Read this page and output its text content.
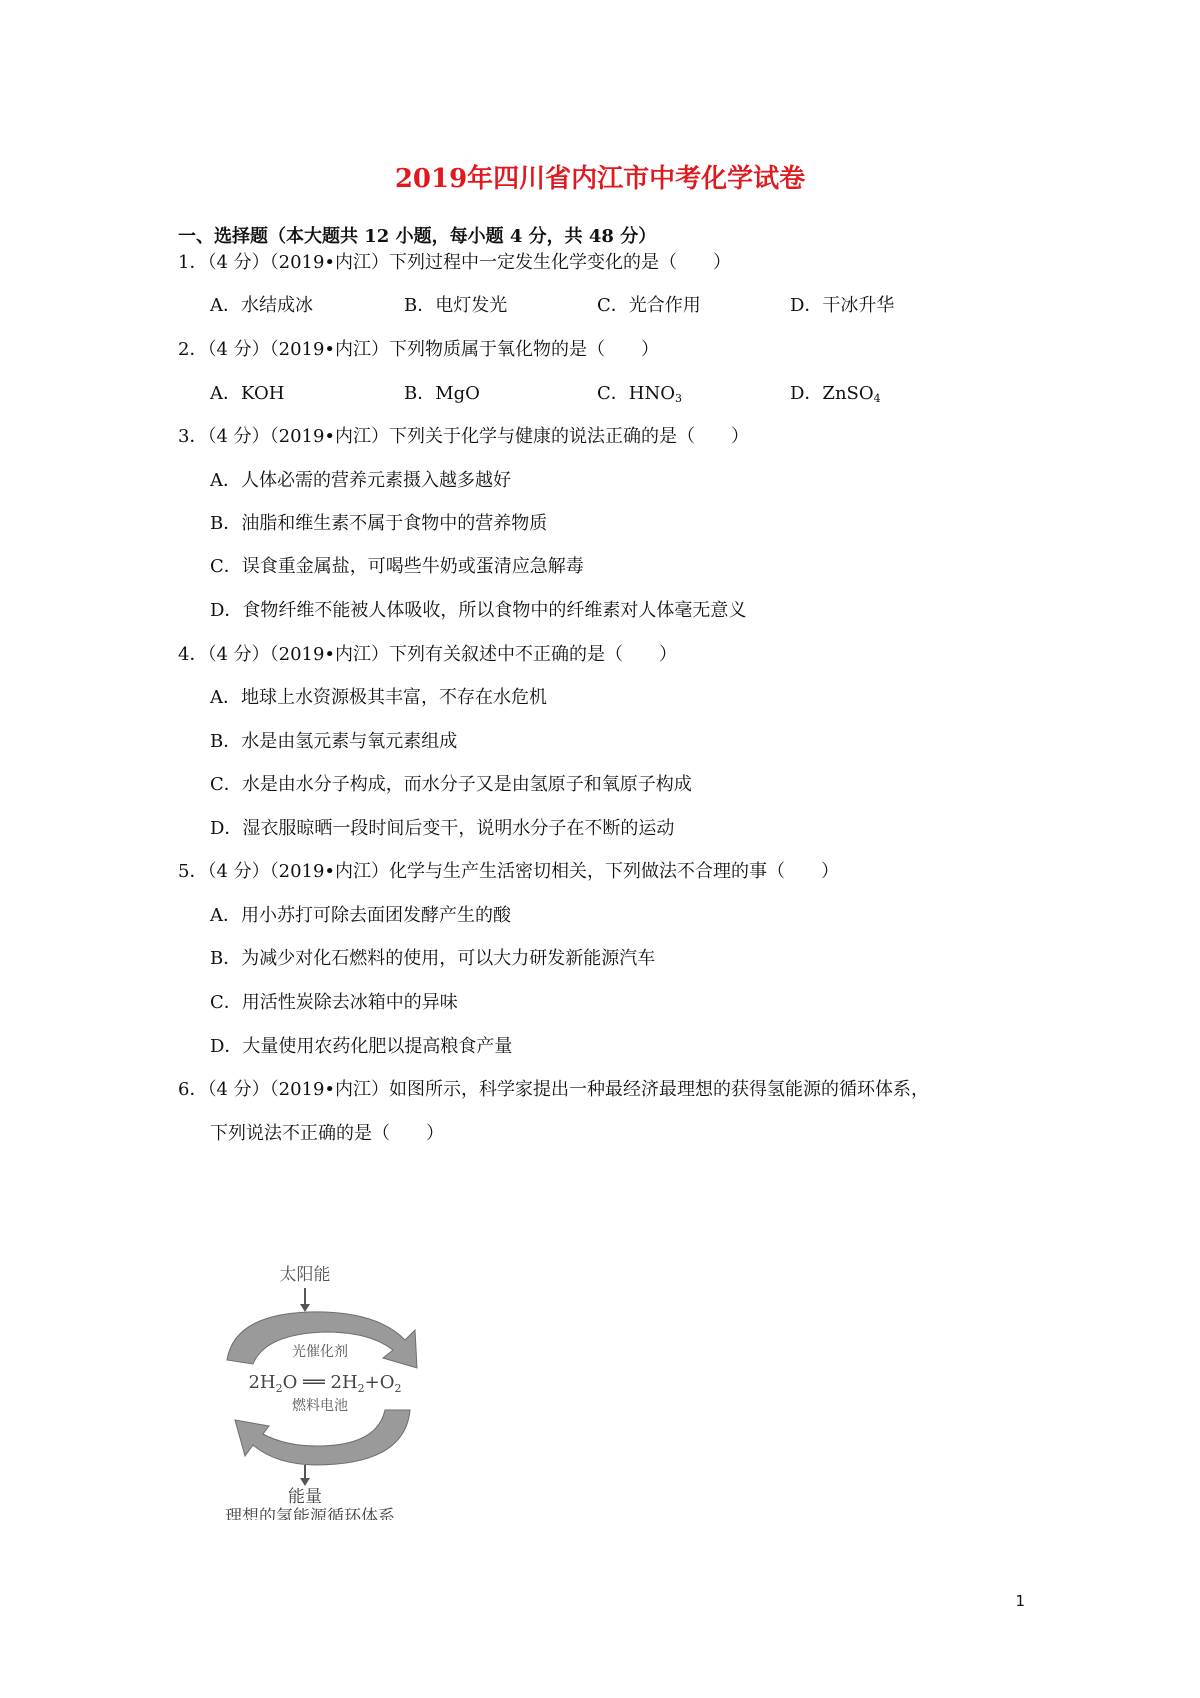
2019年四川省内江市中考化学试卷
一、选择题（本大题共 12 小题，每小题 4 分，共 48 分）
1．（4 分）（2019•内江）下列过程中一定发生化学变化的是（　　）
A．水结成冰	B．电灯发光	C．光合作用	D．干冰升华
2．（4 分）（2019•内江）下列物质属于氧化物的是（　　）
A．KOH	B．MgO	C．$HNO_3$	D．ZnSO$_4$
3．（4 分）（2019•内江）下列关于化学与健康的说法正确的是（　　）
A．人体必需的营养元素摄入越多越好
B．油脂和维生素不属于食物中的营养物质
C．误食重金属盐，可喝些牛奶或蛋清应急解毒
D．食物纤维不能被人体吸收，所以食物中的纤维素对人体毫无意义
4．（4 分）（2019•内江）下列有关叙述中不正确的是（　　）
A．地球上水资源极其丰富，不存在水危机
B．水是由氢元素与氧元素组成
C．水是由水分子构成，而水分子又是由氢原子和氧原子构成
D．湿衣服晾晒一段时间后变干，说明水分子在不断的运动
5．（4 分）（2019•内江）化学与生产生活密切相关，下列做法不合理的事（　　）
A．用小苏打可除去面团发酵产生的酸
B．为减少对化石燃料的使用，可以大力研发新能源汽车
C．用活性炭除去冰箱中的异味
D．大量使用农药化肥以提高粮食产量
6．（4 分）（2019•内江）如图所示，科学家提出一种最经济最理想的获得氢能源的循环体系，
下列说法不正确的是（　　）
太阳能
光催化剂
$2H_2O$ ══ $2H_2+O_2$
燃料电池
能量
理想的氢能源循环体系
1
